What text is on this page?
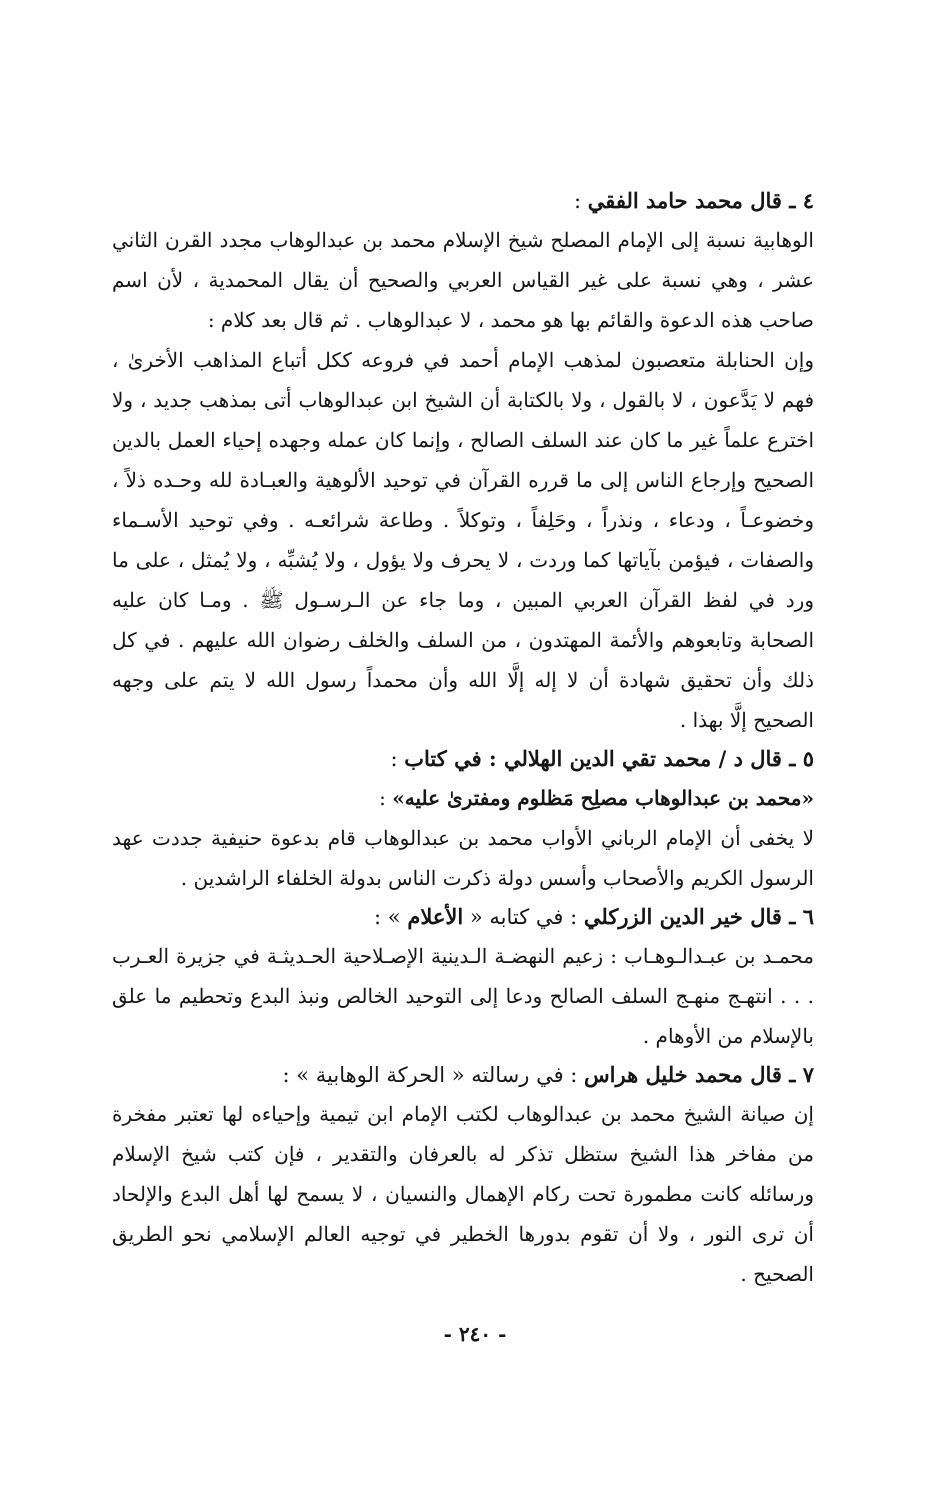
٤ ـ قال محمد حامد الفقي :

الوهابية نسبة إلى الإمام المصلح شيخ الإسلام محمد بن عبدالوهاب مجدد القرن الثاني عشر ، وهي نسبة على غير القياس العربي والصحيح أن يقال المحمدية ، لأن اسم صاحب هذه الدعوة والقائم بها هو محمد ، لا عبدالوهاب . ثم قال بعد كلام :

وإن الحنابلة متعصبون لمذهب الإمام أحمد في فروعه ككل أتباع المذاهب الأخرىٰ ، فهم لا يَدَّعون ، لا بالقول ، ولا بالكتابة أن الشيخ ابن عبدالوهاب أتى بمذهب جديد ، ولا اخترع علماً غير ما كان عند السلف الصالح ، وإنما كان عمله وجهده إحياء العمل بالدين الصحيح وإرجاع الناس إلى ما قرره القرآن في توحيد الألوهية والعبـادة لله وحـده ذلاً ، وخضوعـاً ، ودعاء ، ونذراً ، وحَلِفاً ، وتوكلاً . وطاعة شرائعـه . وفي توحيد الأسـماء والصفات ، فيؤمن بآياتها كما وردت ، لا يحرف ولا يؤول ، ولا يُشبِّه ، ولا يُمثل ، على ما ورد في لفظ القرآن العربي المبين ، وما جاء عن الـرسـول ﷺ . ومـا كان عليه الصحابة وتابعوهم والأئمة المهتدون ، من السلف والخلف رضوان الله عليهم . في كل ذلك وأن تحقيق شهادة أن لا إله إلَّا الله وأن محمداً رسول الله لا يتم على وجهه الصحيح إلَّا بهذا .

٥ ـ قال د / محمد تقي الدين الهلالي : في كتاب :

«محمد بن عبدالوهاب مصلِح مَظلوم ومفترىٰ عليه» :

لا يخفى أن الإمام الرباني الأواب محمد بن عبدالوهاب قام بدعوة حنيفية جددت عهد الرسول الكريم والأصحاب وأسس دولة ذكرت الناس بدولة الخلفاء الراشدين .

٦ ـ قال خير الدين الزركلي : في كتابه « الأعلام » :

محمـد بن عبـدالـوهـاب : زعيم النهضـة الـدينية الإصـلاحية الحـديثـة في جزيرة العـرب . . . انتهـج منهـج السلف الصالح ودعا إلى التوحيد الخالص ونبذ البدع وتحطيم ما علق بالإسلام من الأوهام .

٧ ـ قال محمد خليل هراس : في رسالته « الحركة الوهابية » :

إن صيانة الشيخ محمد بن عبدالوهاب لكتب الإمام ابن تيمية وإحياءه لها تعتبر مفخرة من مفاخر هذا الشيخ ستظل تذكر له بالعرفان والتقدير ، فإن كتب شيخ الإسلام ورسائله كانت مطمورة تحت ركام الإهمال والنسيان ، لا يسمح لها أهل البدع والإلحاد أن ترى النور ، ولا أن تقوم بدورها الخطير في توجيه العالم الإسلامي نحو الطريق الصحيح .

- ٢٤٠ -
